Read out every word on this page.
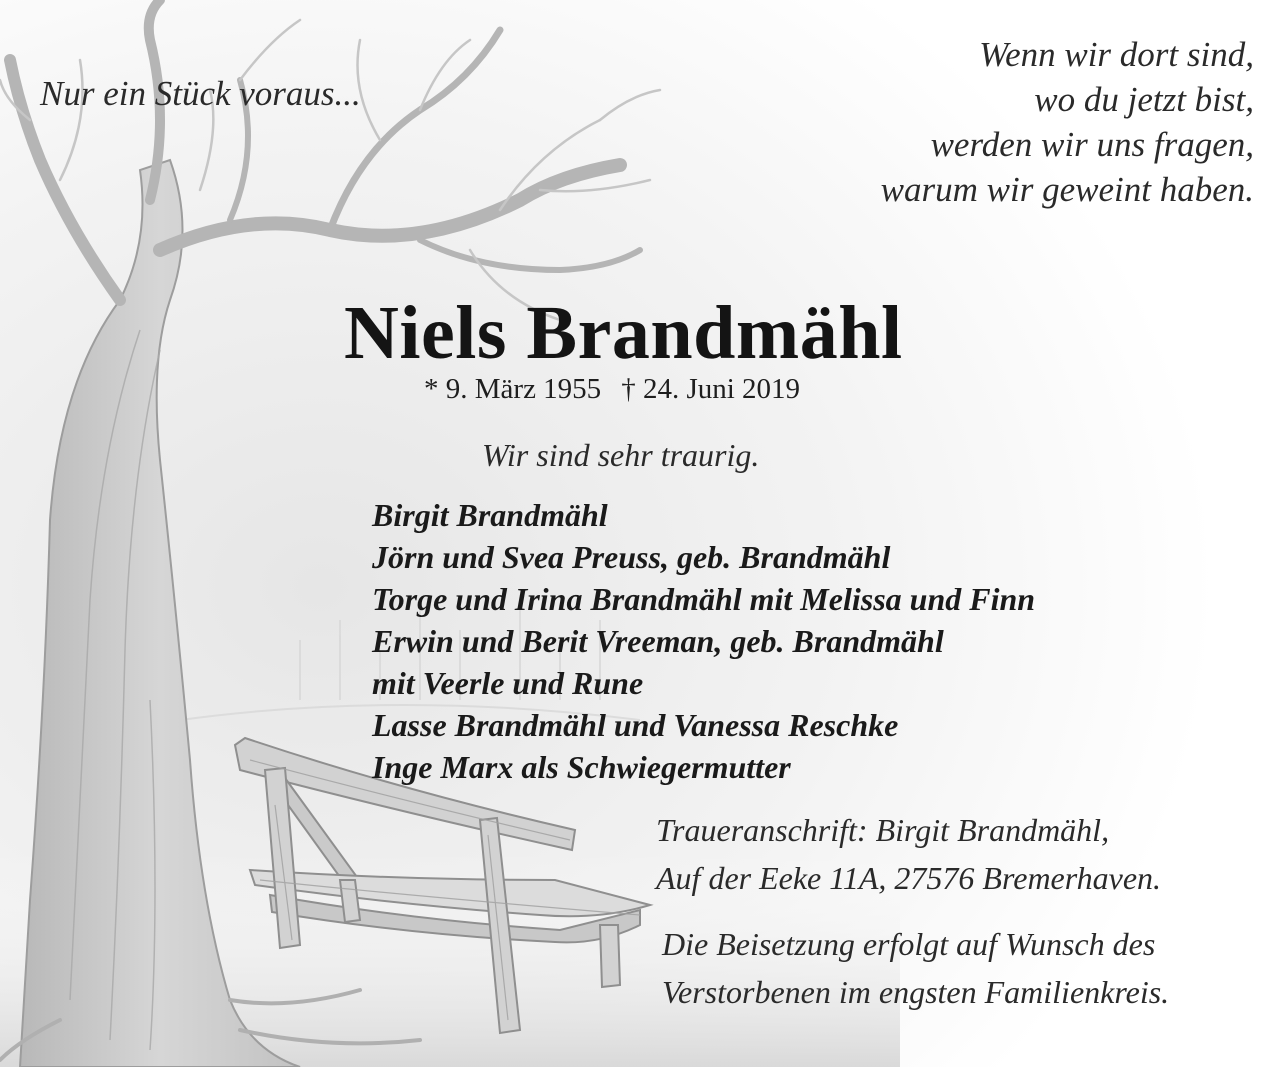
Nur ein Stück voraus...

Wenn wir dort sind,
wo du jetzt bist,
werden wir uns fragen,
warum wir geweint haben.
Niels Brandmähl

* 9. März 1955 † 24. Juni 2019

Wir sind sehr traurig.

Birgit Brandmähl
Jörn und Svea Preuss, geb. Brandmähl
Torge und Irina Brandmähl mit Melissa und Finn
Erwin und Berit Vreeman, geb. Brandmähl
mit Veerle und Rune
Lasse Brandmähl und Vanessa Reschke
Inge Marx als Schwiegermutter
Traueranschrift: Birgit Brandmähl,
Auf der Eeke 11A, 27576 Bremerhaven.
Die Beisetzung erfolgt auf Wunsch des
Verstorbenen im engsten Familienkreis.
